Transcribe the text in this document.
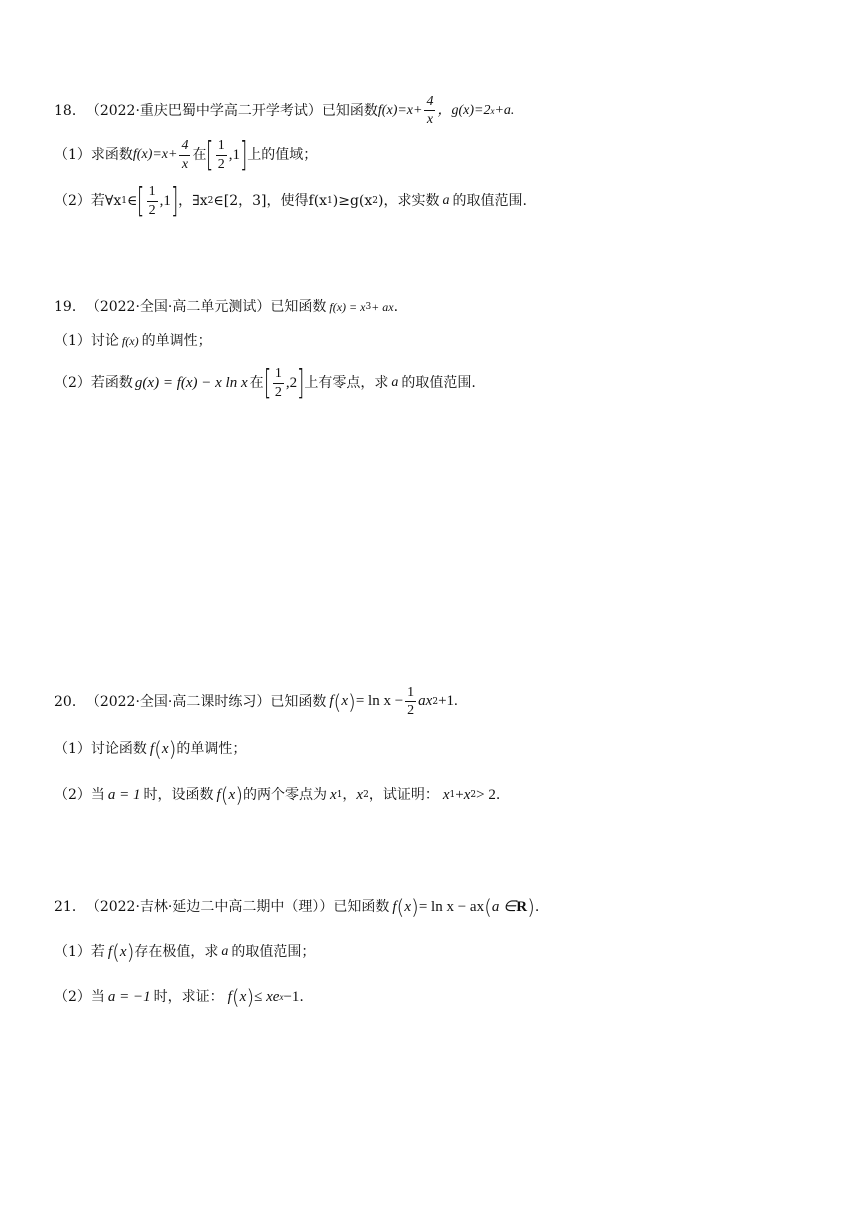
18． （2022·重庆巴蜀中学高二开学考试） 已知函数 $f(x)=x+ \frac{4}{x}$ ，g(x)=2 x +a.
（1） 求函数 $f(x)=x+ \frac{4}{x}$ 在 [ $\frac{1}{2} ,1$ ] 上的值域；
（2） 若∀x 1 ∈ [ $\frac{1}{2} ,1$ ] ，∃x 2 ∈[2，3]，使得f(x 1 )≥g(x 2 )，求实数 a 的取值范围.
19． （2022·全国·高二单元测试） 已知函数 f(x) = x 3 + ax .
（1） 讨论 f(x) 的单调性；
（2） 若函数 g(x) = f(x) − x ln x 在 [ $\frac{1}{2} ,2$ ] 上有零点，求 a 的取值范围.
20． （2022·全国·高二课时练习） 已知函数 f ( x ) = $\ln x - \frac{1}{2}$ ax 2 +1.
（1） 讨论函数 f ( x ) 的单调性；
（2） 当 a = 1 时，设函数 f ( x ) 的两个零点为 x 1 ， x 2 ，试证明： x 1 + x 2 > 2 .
21． （2022·吉林·延边二中高二期中（理）） 已知函数 f ( x ) = ln x − ax ( a ∈ R ) .
（1） 若 f ( x ) 存在极值，求 a 的取值范围；
（2） 当 a = −1 时，求证： f ( x ) ≤ xe x −1 .
